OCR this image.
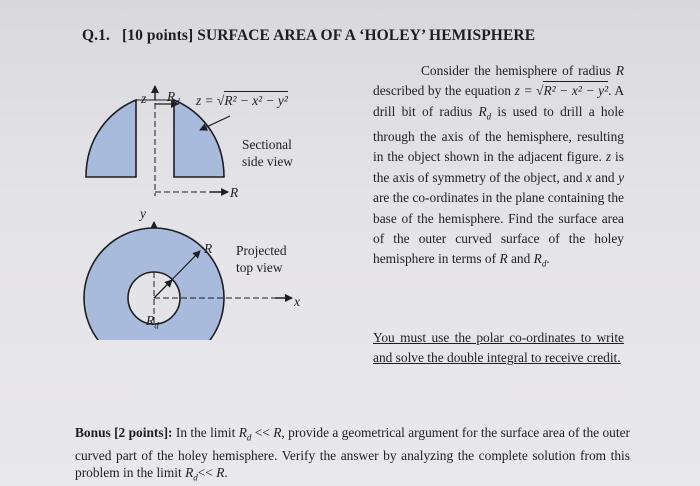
Q.1. [10 points] SURFACE AREA OF A ‘HOLEY’ HEMISPHERE
z $R_d$
Sectional
side view
R
y
R Projected
top view
x
$R_d$
z = √R² − x² − y²

Consider the hemisphere of radius R described by the equation z = √R² − x² − y². A drill bit of radius $R_d$ is used to drill a hole through the axis of the hemisphere, resulting in the object shown in the adjacent figure. z is the axis of symmetry of the object, and x and y are the co-ordinates in the plane containing the base of the hemisphere. Find the surface area of the outer curved surface of the holey hemisphere in terms of R and $R_d$.

You must use the polar co-ordinates to write and solve the double integral to receive credit.
Bonus [2 points]: In the limit $R_d << R$, provide a geometrical argument for the surface area of the outer curved part of the holey hemisphere. Verify the answer by analyzing the complete solution from this problem in the limit $R_d<< R$.
